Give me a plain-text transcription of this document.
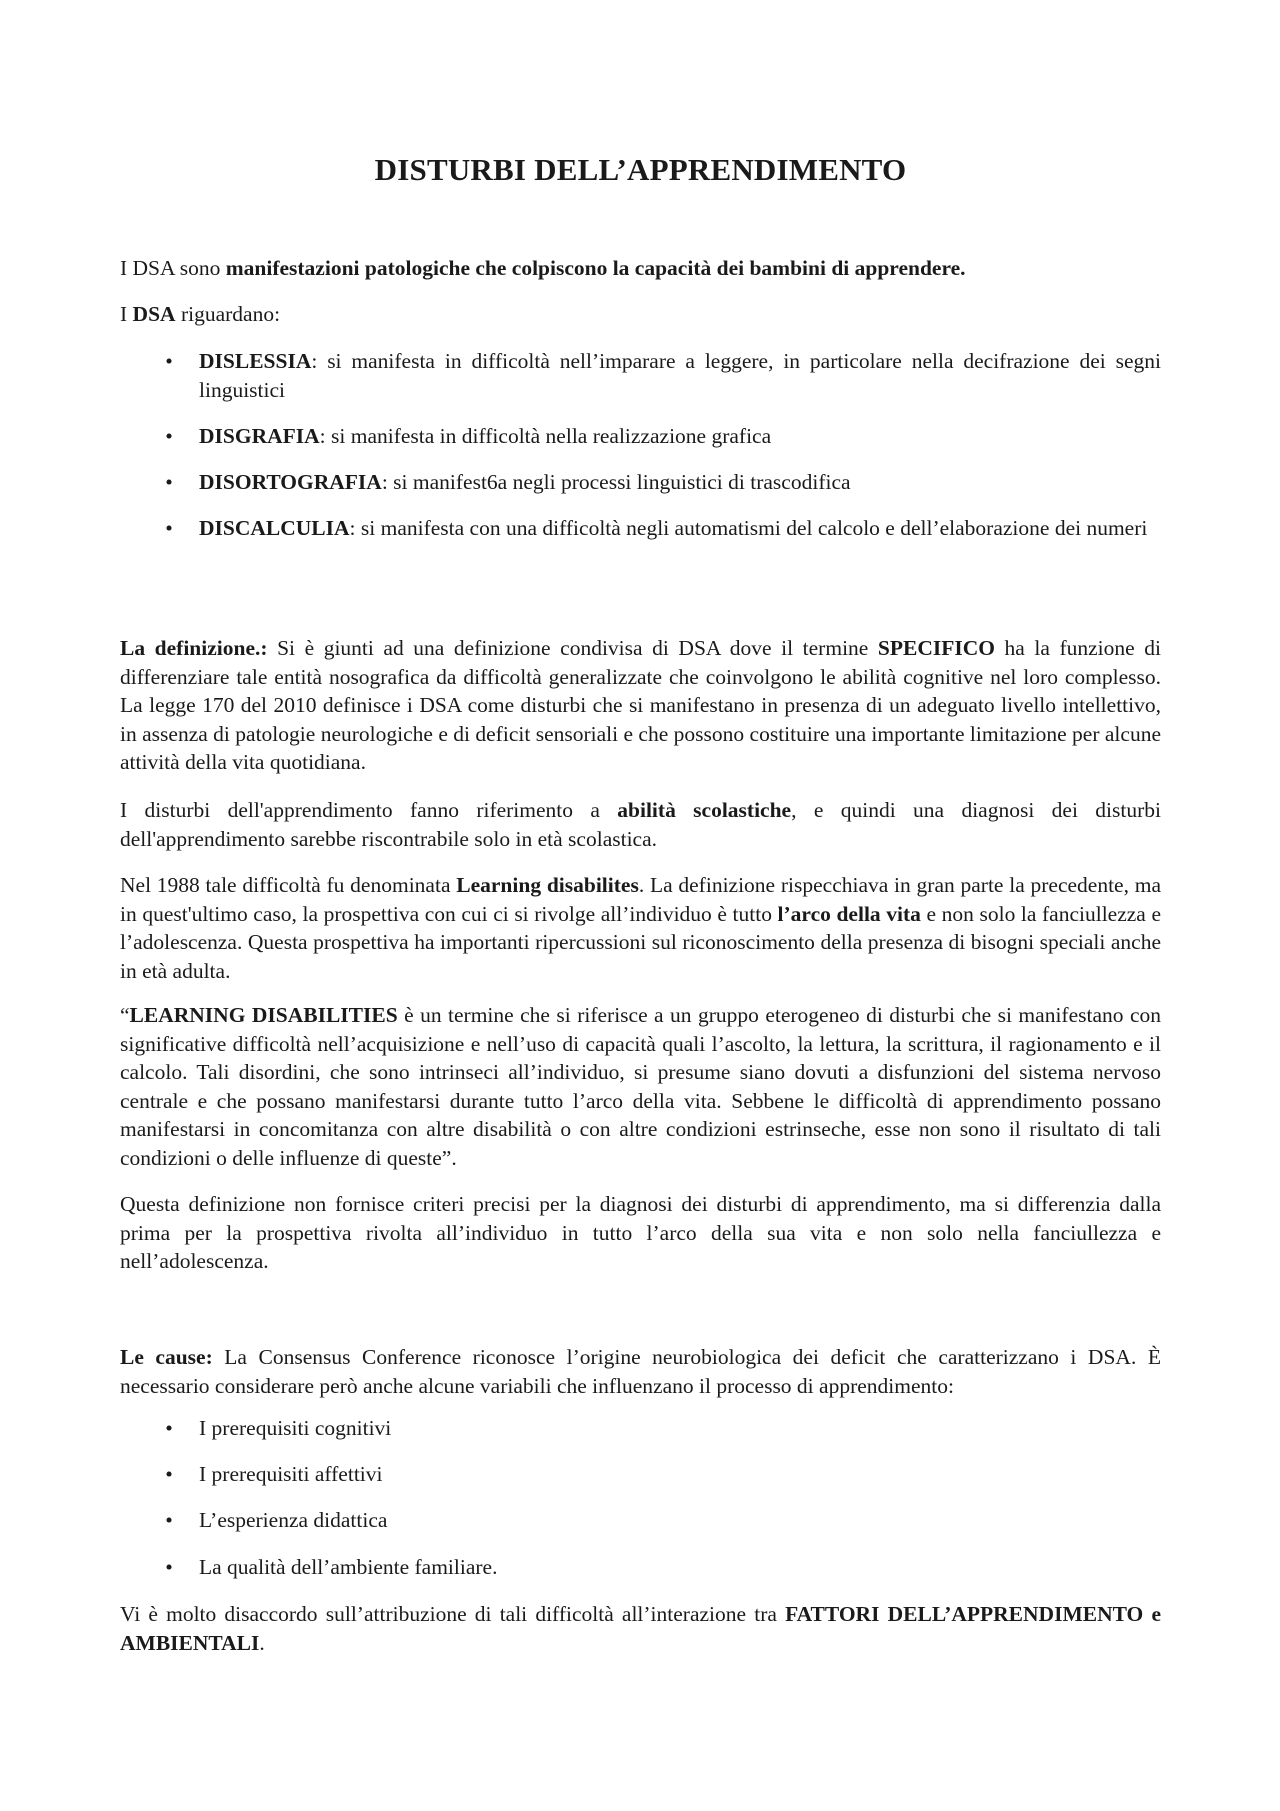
DISTURBI DELL’APPRENDIMENTO

I DSA sono manifestazioni patologiche che colpiscono la capacità dei bambini di apprendere.

I DSA riguardano:

• DISLESSIA: si manifesta in difficoltà nell’imparare a leggere, in particolare nella decifrazione dei segni linguistici
• DISGRAFIA: si manifesta in difficoltà nella realizzazione grafica
• DISORTOGRAFIA: si manifest6a negli processi linguistici di trascodifica
• DISCALCULIA: si manifesta con una difficoltà negli automatismi del calcolo e dell’elaborazione dei numeri

La definizione.: Si è giunti ad una definizione condivisa di DSA dove il termine SPECIFICO ha la funzione di differenziare tale entità nosografica da difficoltà generalizzate che coinvolgono le abilità cognitive nel loro complesso. La legge 170 del 2010 definisce i DSA come disturbi che si manifestano in presenza di un adeguato livello intellettivo, in assenza di patologie neurologiche e di deficit sensoriali e che possono costituire una importante limitazione per alcune attività della vita quotidiana.

I disturbi dell'apprendimento fanno riferimento a abilità scolastiche, e quindi una diagnosi dei disturbi dell'apprendimento sarebbe riscontrabile solo in età scolastica.

Nel 1988 tale difficoltà fu denominata Learning disabilites. La definizione rispecchiava in gran parte la precedente, ma in quest'ultimo caso, la prospettiva con cui ci si rivolge all’individuo è tutto l’arco della vita e non solo la fanciullezza e l’adolescenza. Questa prospettiva ha importanti ripercussioni sul riconoscimento della presenza di bisogni speciali anche in età adulta.

“LEARNING DISABILITIES è un termine che si riferisce a un gruppo eterogeneo di disturbi che si manifestano con significative difficoltà nell’acquisizione e nell’uso di capacità quali l’ascolto, la lettura, la scrittura, il ragionamento e il calcolo. Tali disordini, che sono intrinseci all’individuo, si presume siano dovuti a disfunzioni del sistema nervoso centrale e che possano manifestarsi durante tutto l’arco della vita. Sebbene le difficoltà di apprendimento possano manifestarsi in concomitanza con altre disabilità o con altre condizioni estrinseche, esse non sono il risultato di tali condizioni o delle influenze di queste”.

Questa definizione non fornisce criteri precisi per la diagnosi dei disturbi di apprendimento, ma si differenzia dalla prima per la prospettiva rivolta all’individuo in tutto l’arco della sua vita e non solo nella fanciullezza e nell’adolescenza.

Le cause: La Consensus Conference riconosce l’origine neurobiologica dei deficit che caratterizzano i DSA. È necessario considerare però anche alcune variabili che influenzano il processo di apprendimento:

• I prerequisiti cognitivi
• I prerequisiti affettivi
• L’esperienza didattica
• La qualità dell’ambiente familiare.

Vi è molto disaccordo sull’attribuzione di tali difficoltà all’interazione tra FATTORI DELL’APPRENDIMENTO e AMBIENTALI.
